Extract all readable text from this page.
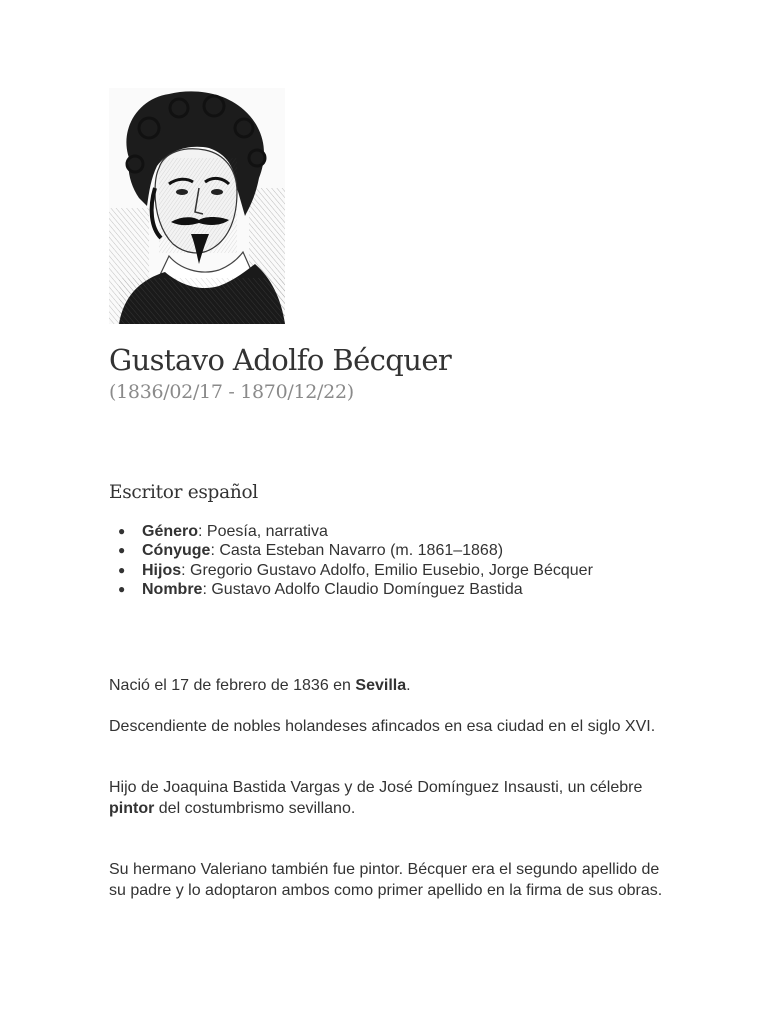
Gustavo Adolfo Bécquer
(1836/02/17 - 1870/12/22)
Escritor español
● Género: Poesía, narrativa
● Cónyuge: Casta Esteban Navarro (m. 1861–1868)
● Hijos: Gregorio Gustavo Adolfo, Emilio Eusebio, Jorge Bécquer
● Nombre: Gustavo Adolfo Claudio Domínguez Bastida

Nació el 17 de febrero de 1836 en Sevilla.

Descendiente de nobles holandeses afincados en esa ciudad en el siglo XVI.

Hijo de Joaquina Bastida Vargas y de José Domínguez Insausti, un célebre pintor del costumbrismo sevillano.

Su hermano Valeriano también fue pintor. Bécquer era el segundo apellido de su padre y lo adoptaron ambos como primer apellido en la firma de sus obras.
